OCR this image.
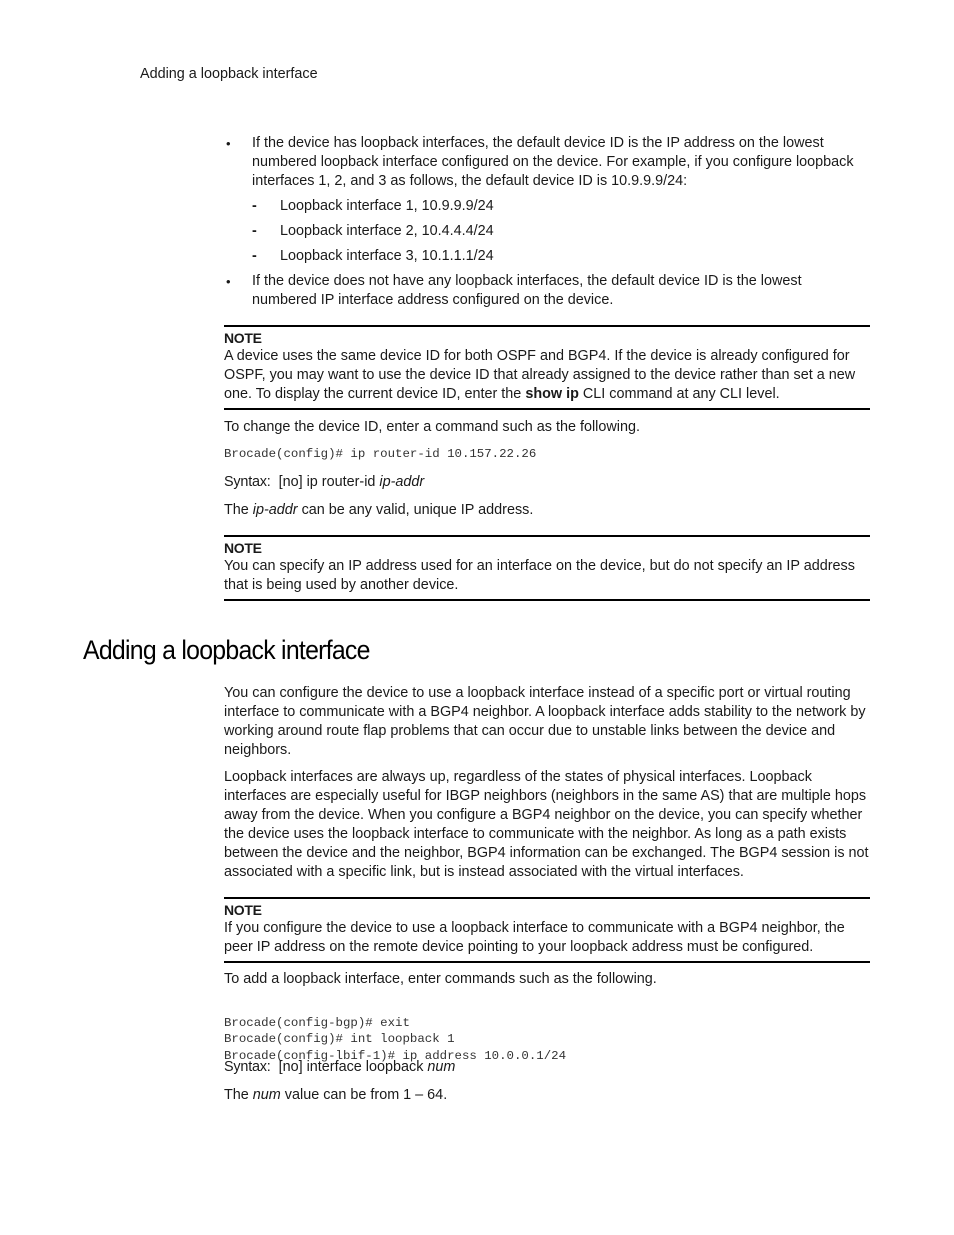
Adding a loopback interface
• If the device has loopback interfaces, the default device ID is the IP address on the lowest numbered loopback interface configured on the device. For example, if you configure loopback interfaces 1, 2, and 3 as follows, the default device ID is 10.9.9.9/24:
- Loopback interface 1, 10.9.9.9/24
- Loopback interface 2, 10.4.4.4/24
- Loopback interface 3, 10.1.1.1/24
• If the device does not have any loopback interfaces, the default device ID is the lowest numbered IP interface address configured on the device.
NOTE
A device uses the same device ID for both OSPF and BGP4. If the device is already configured for OSPF, you may want to use the device ID that already assigned to the device rather than set a new one. To display the current device ID, enter the show ip CLI command at any CLI level.

To change the device ID, enter a command such as the following.

Brocade(config)# ip router-id 10.157.22.26
Syntax: [no] ip router-id ip-addr

The ip-addr can be any valid, unique IP address.

NOTE
You can specify an IP address used for an interface on the device, but do not specify an IP address that is being used by another device.
Adding a loopback interface

You can configure the device to use a loopback interface instead of a specific port or virtual routing interface to communicate with a BGP4 neighbor. A loopback interface adds stability to the network by working around route flap problems that can occur due to unstable links between the device and neighbors.

Loopback interfaces are always up, regardless of the states of physical interfaces. Loopback interfaces are especially useful for IBGP neighbors (neighbors in the same AS) that are multiple hops away from the device. When you configure a BGP4 neighbor on the device, you can specify whether the device uses the loopback interface to communicate with the neighbor. As long as a path exists between the device and the neighbor, BGP4 information can be exchanged. The BGP4 session is not associated with a specific link, but is instead associated with the virtual interfaces.

NOTE
If you configure the device to use a loopback interface to communicate with a BGP4 neighbor, the peer IP address on the remote device pointing to your loopback address must be configured.

To add a loopback interface, enter commands such as the following.

Brocade(config-bgp)# exit
Brocade(config)# int loopback 1
Brocade(config-lbif-1)# ip address 10.0.0.1/24

Syntax: [no] interface loopback num

The num value can be from 1 – 64.
